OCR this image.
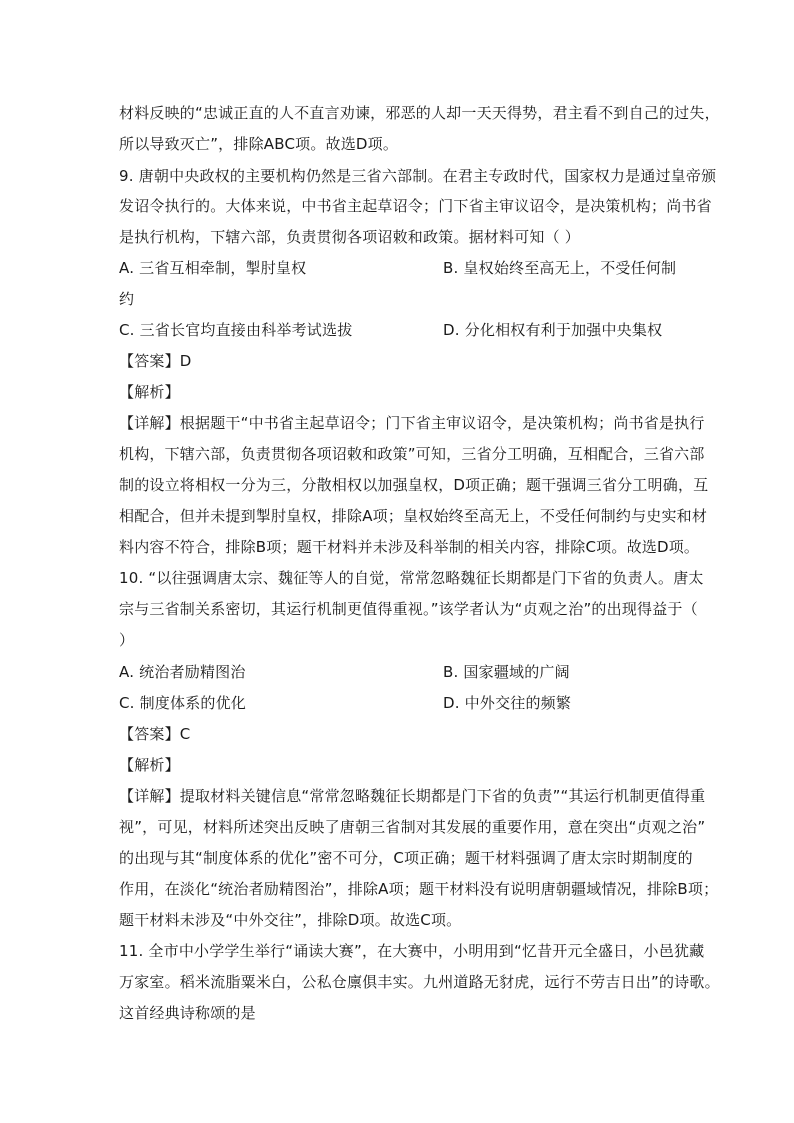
材料反映的“忠诚正直的人不直言劝谏，邪恶的人却一天天得势，君主看不到自己的过失，
所以导致灭亡”，排除ABC项。故选D项。
9. 唐朝中央政权的主要机构仍然是三省六部制。在君主专政时代，国家权力是通过皇帝颁
发诏令执行的。大体来说，中书省主起草诏令；门下省主审议诏令，是决策机构；尚书省
是执行机构，下辖六部，负责贯彻各项诏敕和政策。据材料可知（ ）
A. 三省互相牵制，掣肘皇权	B. 皇权始终至高无上，不受任何制
约
C. 三省长官均直接由科举考试选拔	D. 分化相权有利于加强中央集权
【答案】D
【解析】
【详解】根据题干“中书省主起草诏令；门下省主审议诏令，是决策机构；尚书省是执行
机构，下辖六部，负责贯彻各项诏敕和政策”可知，三省分工明确，互相配合，三省六部
制的设立将相权一分为三，分散相权以加强皇权，D项正确；题干强调三省分工明确，互
相配合，但并未提到掣肘皇权，排除A项；皇权始终至高无上，不受任何制约与史实和材
料内容不符合，排除B项；题干材料并未涉及科举制的相关内容，排除C项。故选D项。
10. “以往强调唐太宗、魏征等人的自觉，常常忽略魏征长期都是门下省的负责人。唐太
宗与三省制关系密切，其运行机制更值得重视。”该学者认为“贞观之治”的出现得益于（
）
A. 统治者励精图治	B. 国家疆域的广阔
C. 制度体系的优化	D. 中外交往的频繁
【答案】C
【解析】
【详解】提取材料关键信息“常常忽略魏征长期都是门下省的负责”“其运行机制更值得重
视”，可见，材料所述突出反映了唐朝三省制对其发展的重要作用，意在突出“贞观之治”
的出现与其“制度体系的优化”密不可分，C项正确；题干材料强调了唐太宗时期制度的
作用，在淡化“统治者励精图治”，排除A项；题干材料没有说明唐朝疆域情况，排除B项；
题干材料未涉及“中外交往”，排除D项。故选C项。
11. 全市中小学学生举行“诵读大赛”，在大赛中，小明用到“忆昔开元全盛日，小邑犹藏
万家室。稻米流脂粟米白，公私仓廪俱丰实。九州道路无豺虎，远行不劳吉日出”的诗歌。
这首经典诗称颂的是
